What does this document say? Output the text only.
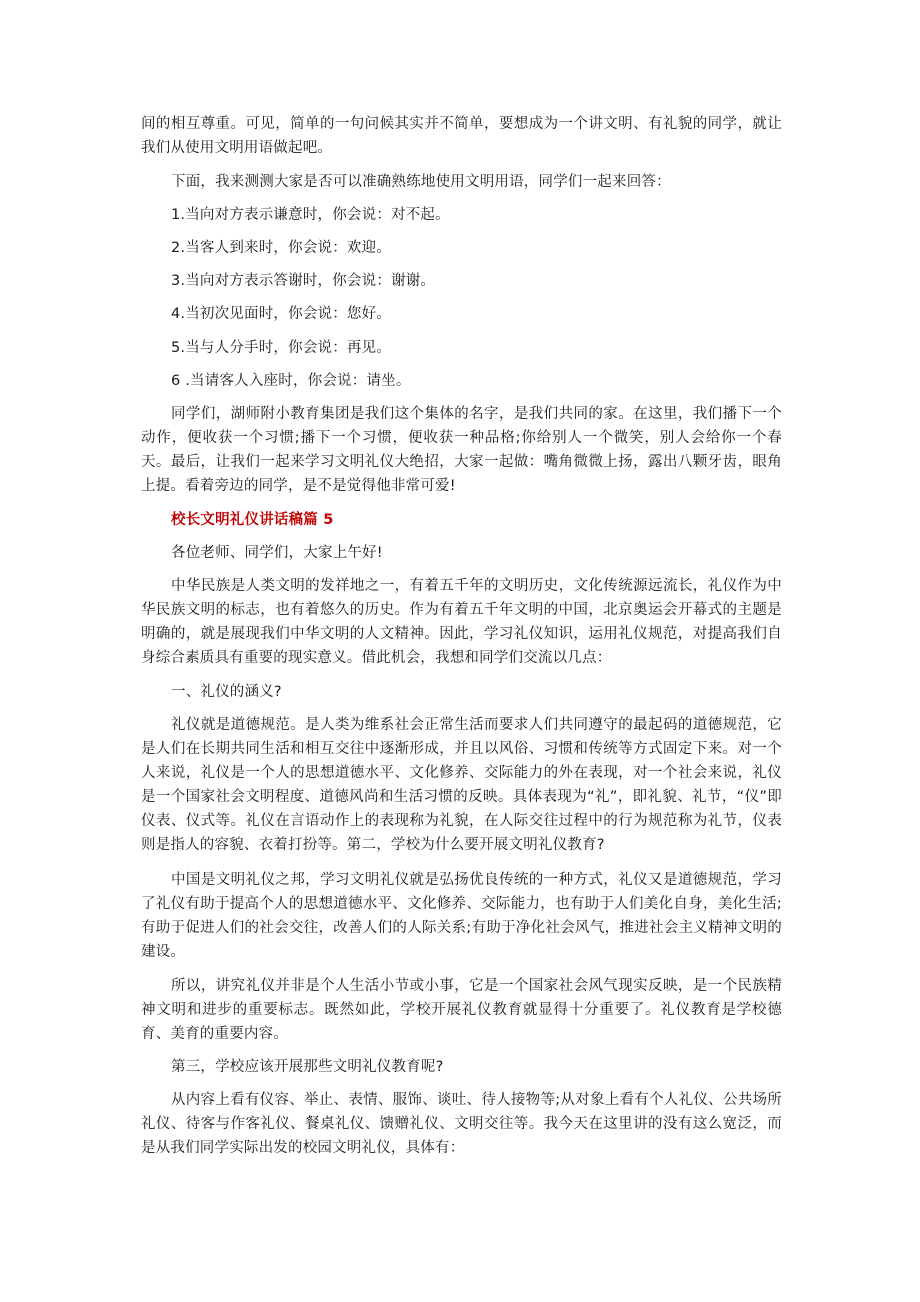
间的相互尊重。可见，简单的一句问候其实并不简单，要想成为一个讲文明、有礼貌的同学，就让我们从使用文明用语做起吧。

下面，我来测测大家是否可以准确熟练地使用文明用语，同学们一起来回答：

1.当向对方表示谦意时，你会说：对不起。

2.当客人到来时，你会说：欢迎。

3.当向对方表示答谢时，你会说：谢谢。

4.当初次见面时，你会说：您好。

5.当与人分手时，你会说：再见。

6 .当请客人入座时，你会说：请坐。

同学们，湖师附小教育集团是我们这个集体的名字，是我们共同的家。在这里，我们播下一个动作，便收获一个习惯;播下一个习惯，便收获一种品格;你给别人一个微笑，别人会给你一个春天。最后，让我们一起来学习文明礼仪大绝招，大家一起做：嘴角微微上扬，露出八颗牙齿，眼角上提。看着旁边的同学，是不是觉得他非常可爱!

校长文明礼仪讲话稿篇 5

各位老师、同学们，大家上午好!

中华民族是人类文明的发祥地之一，有着五千年的文明历史，文化传统源远流长，礼仪作为中华民族文明的标志，也有着悠久的历史。作为有着五千年文明的中国，北京奥运会开幕式的主题是明确的，就是展现我们中华文明的人文精神。因此，学习礼仪知识，运用礼仪规范，对提高我们自身综合素质具有重要的现实意义。借此机会，我想和同学们交流以几点：

一、礼仪的涵义?

礼仪就是道德规范。是人类为维系社会正常生活而要求人们共同遵守的最起码的道德规范，它是人们在长期共同生活和相互交往中逐渐形成，并且以风俗、习惯和传统等方式固定下来。对一个人来说，礼仪是一个人的思想道德水平、文化修养、交际能力的外在表现，对一个社会来说，礼仪是一个国家社会文明程度、道德风尚和生活习惯的反映。具体表现为“礼”，即礼貌、礼节，“仪”即仪表、仪式等。礼仪在言语动作上的表现称为礼貌，在人际交往过程中的行为规范称为礼节，仪表则是指人的容貌、衣着打扮等。第二，学校为什么要开展文明礼仪教育?

中国是文明礼仪之邦，学习文明礼仪就是弘扬优良传统的一种方式，礼仪又是道德规范，学习了礼仪有助于提高个人的思想道德水平、文化修养、交际能力，也有助于人们美化自身，美化生活;有助于促进人们的社会交往，改善人们的人际关系;有助于净化社会风气，推进社会主义精神文明的建设。

所以，讲究礼仪并非是个人生活小节或小事，它是一个国家社会风气现实反映，是一个民族精神文明和进步的重要标志。既然如此，学校开展礼仪教育就显得十分重要了。礼仪教育是学校德育、美育的重要内容。

第三，学校应该开展那些文明礼仪教育呢?

从内容上看有仪容、举止、表情、服饰、谈吐、待人接物等;从对象上看有个人礼仪、公共场所礼仪、待客与作客礼仪、餐桌礼仪、馈赠礼仪、文明交往等。我今天在这里讲的没有这么宽泛，而是从我们同学实际出发的校园文明礼仪，具体有：
